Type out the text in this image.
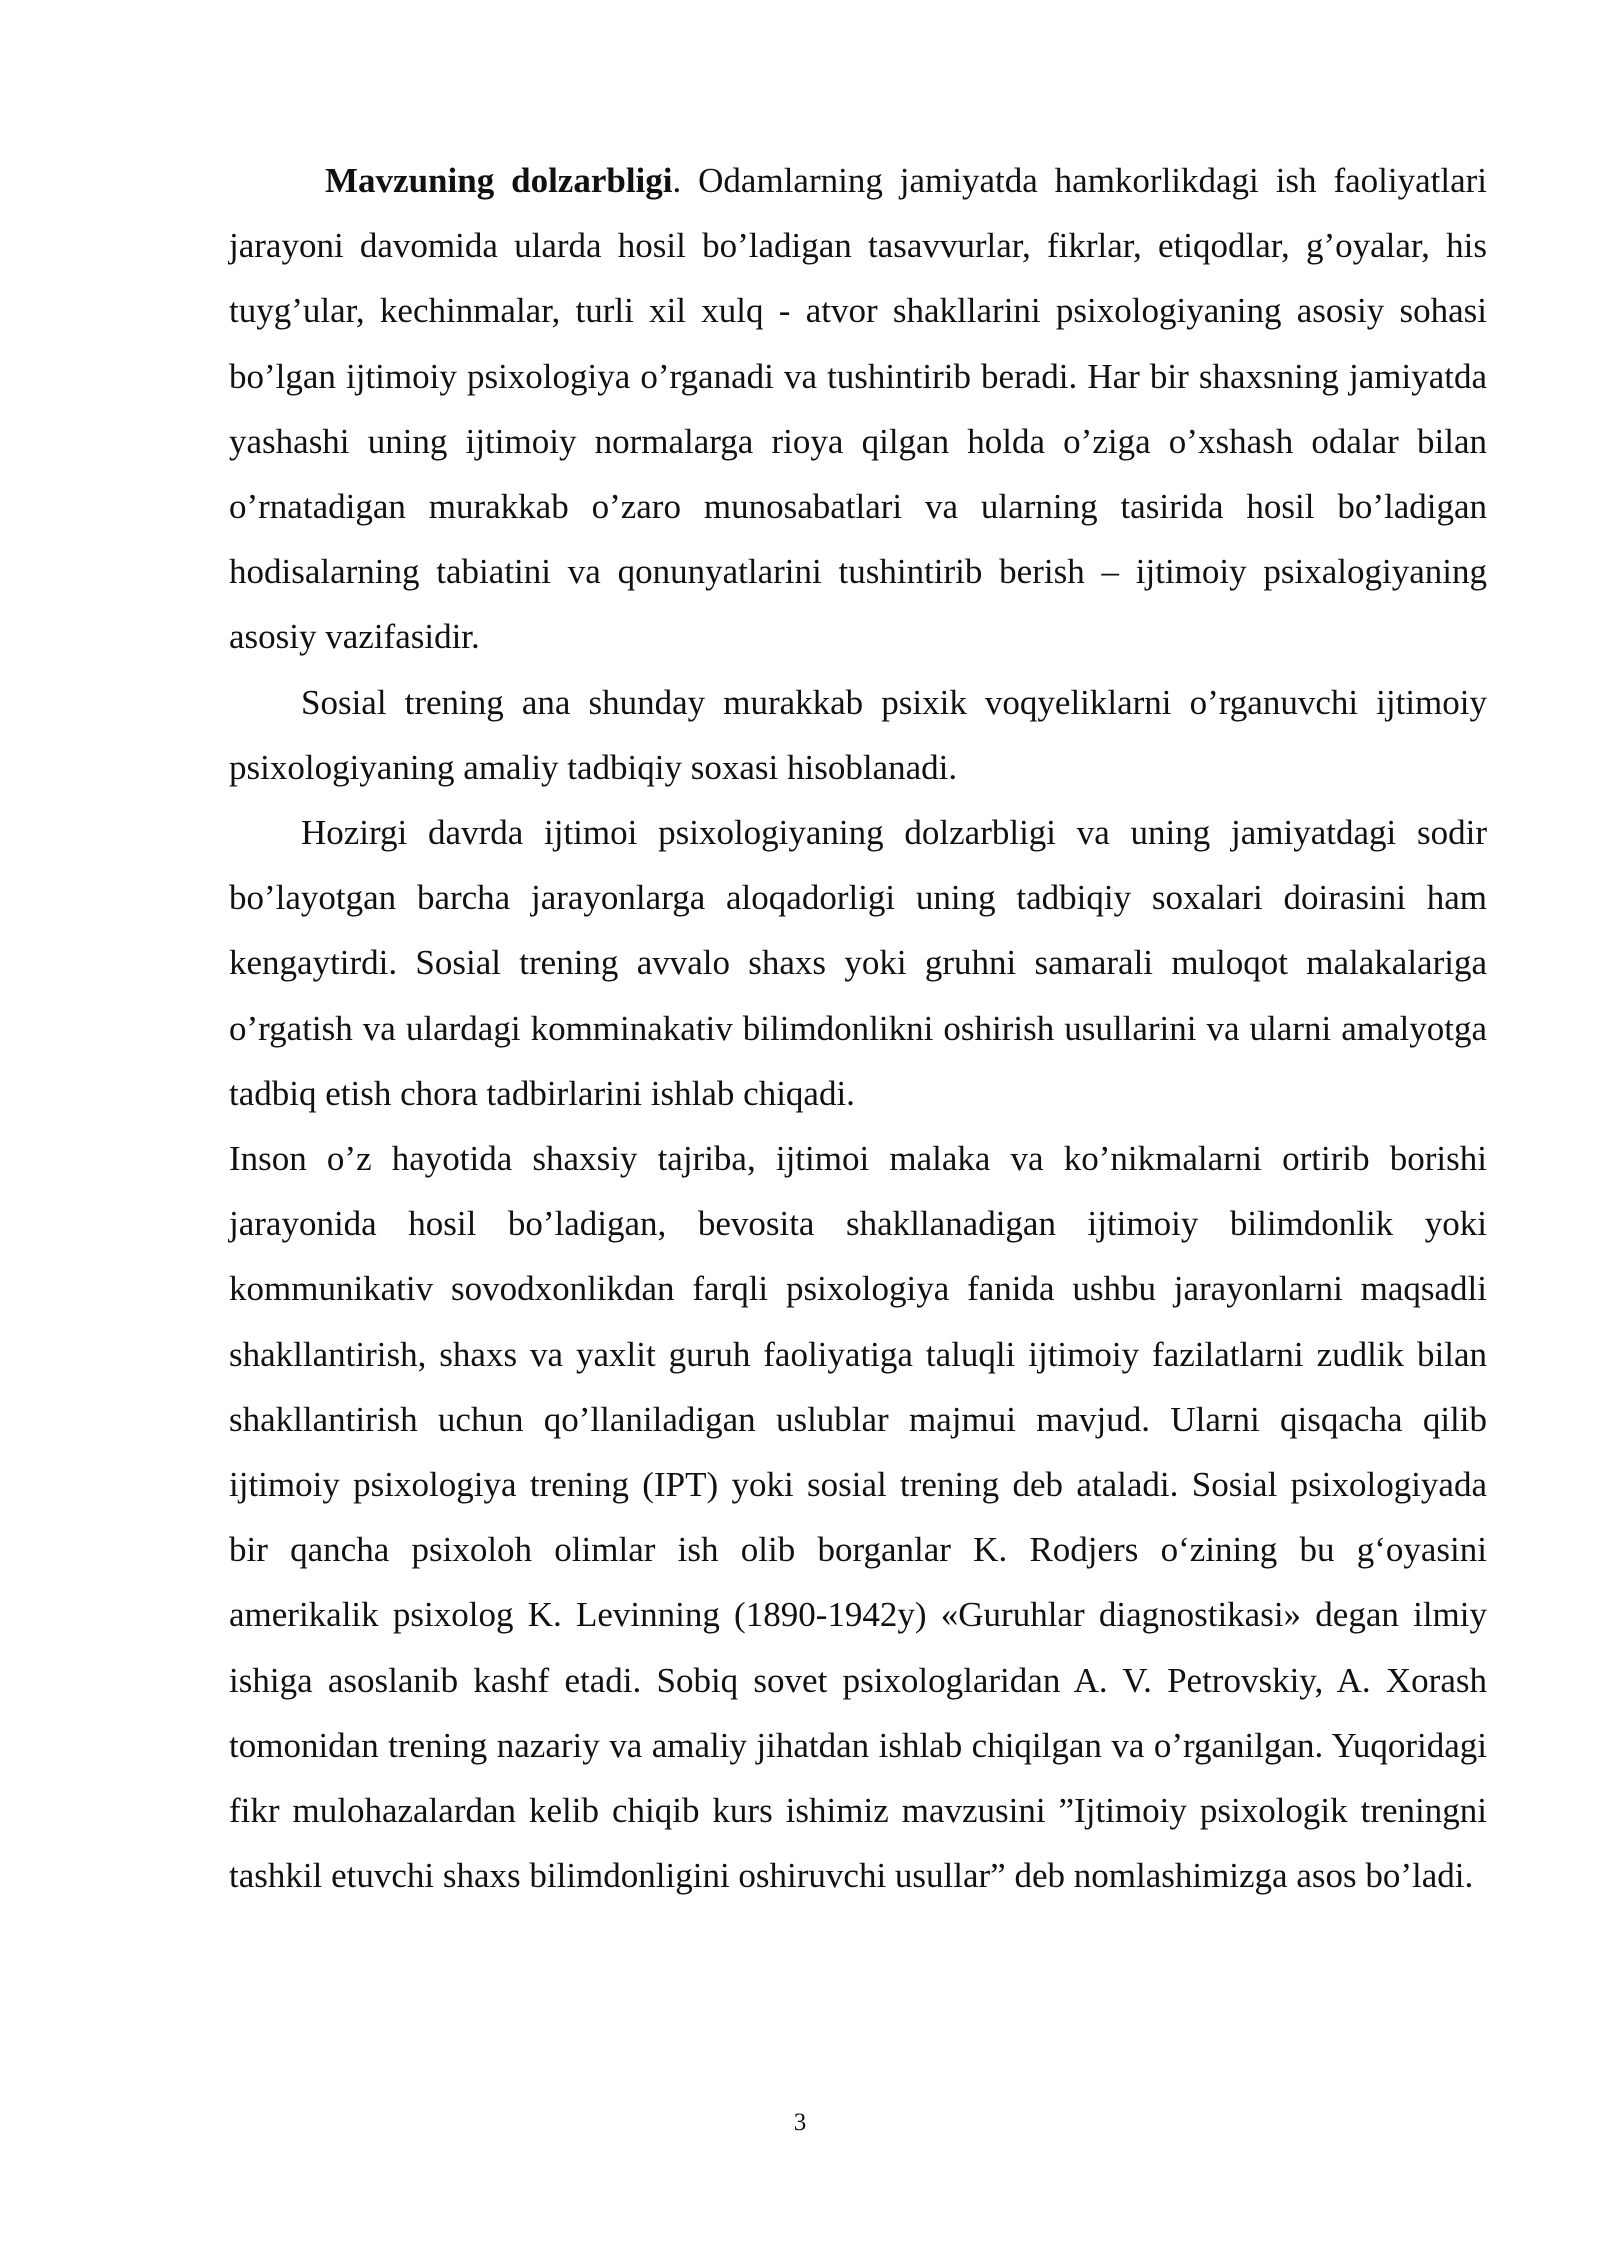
Mavzuning dolzarbligi. Odamlarning jamiyatda hamkorlikdagi ish faoliyatlari jarayoni davomida ularda hosil bo’ladigan tasavvurlar, fikrlar, etiqodlar, g’oyalar, his tuyg’ular, kechinmalar, turli xil xulq - atvor shakllarini psixologiyaning asosiy sohasi bo’lgan ijtimoiy psixologiya o’rganadi va tushintirib beradi. Har bir shaxsning jamiyatda yashashi uning ijtimoiy normalarga rioya qilgan holda o’ziga o’xshash odalar bilan o’rnatadigan murakkab o’zaro munosabatlari va ularning tasirida hosil bo’ladigan hodisalarning tabiatini va qonunyatlarini tushintirib berish – ijtimoiy psixalogiyaning asosiy vazifasidir.

Sosial trening ana shunday murakkab psixik voqyeliklarni o’rganuvchi ijtimoiy psixologiyaning amaliy tadbiqiy soxasi hisoblanadi.

Hozirgi davrda ijtimoi psixologiyaning dolzarbligi va uning jamiyatdagi sodir bo’layotgan barcha jarayonlarga aloqadorligi uning tadbiqiy soxalari doirasini ham kengaytirdi. Sosial trening avvalo shaxs yoki gruhni samarali muloqot malakalariga o’rgatish va ulardagi komminakativ bilimdonlikni oshirish usullarini va ularni amalyotga tadbiq etish chora tadbirlarini ishlab chiqadi.

Inson o’z hayotida shaxsiy tajriba, ijtimoi malaka va ko’nikmalarni ortirib borishi jarayonida hosil bo’ladigan, bevosita shakllanadigan ijtimoiy bilimdonlik yoki kommunikativ sovodxonlikdan farqli psixologiya fanida ushbu jarayonlarni maqsadli shakllantirish, shaxs va yaxlit guruh faoliyatiga taluqli ijtimoiy fazilatlarni zudlik bilan shakllantirish uchun qo’llaniladigan uslublar majmui mavjud. Ularni qisqacha qilib ijtimoiy psixologiya trening (IPT) yoki sosial trening deb ataladi. Sosial psixologiyada bir qancha psixoloh olimlar ish olib borganlar K. Rodjers o‘zining bu g‘oyasini amerikalik psixolog K. Levinning (1890-1942y) «Guruhlar diagnostikasi» degan ilmiy ishiga asoslanib kashf etadi. Sobiq sovet psixologlaridan A. V. Petrovskiy, A. Xorash tomonidan trening nazariy va amaliy jihatdan ishlab chiqilgan va o’rganilgan. Yuqoridagi fikr mulohazalardan kelib chiqib kurs ishimiz mavzusini ”Ijtimoiy psixologik treningni tashkil etuvchi shaxs bilimdonligini oshiruvchi usullar” deb nomlashimizga asos bo’ladi.

3
